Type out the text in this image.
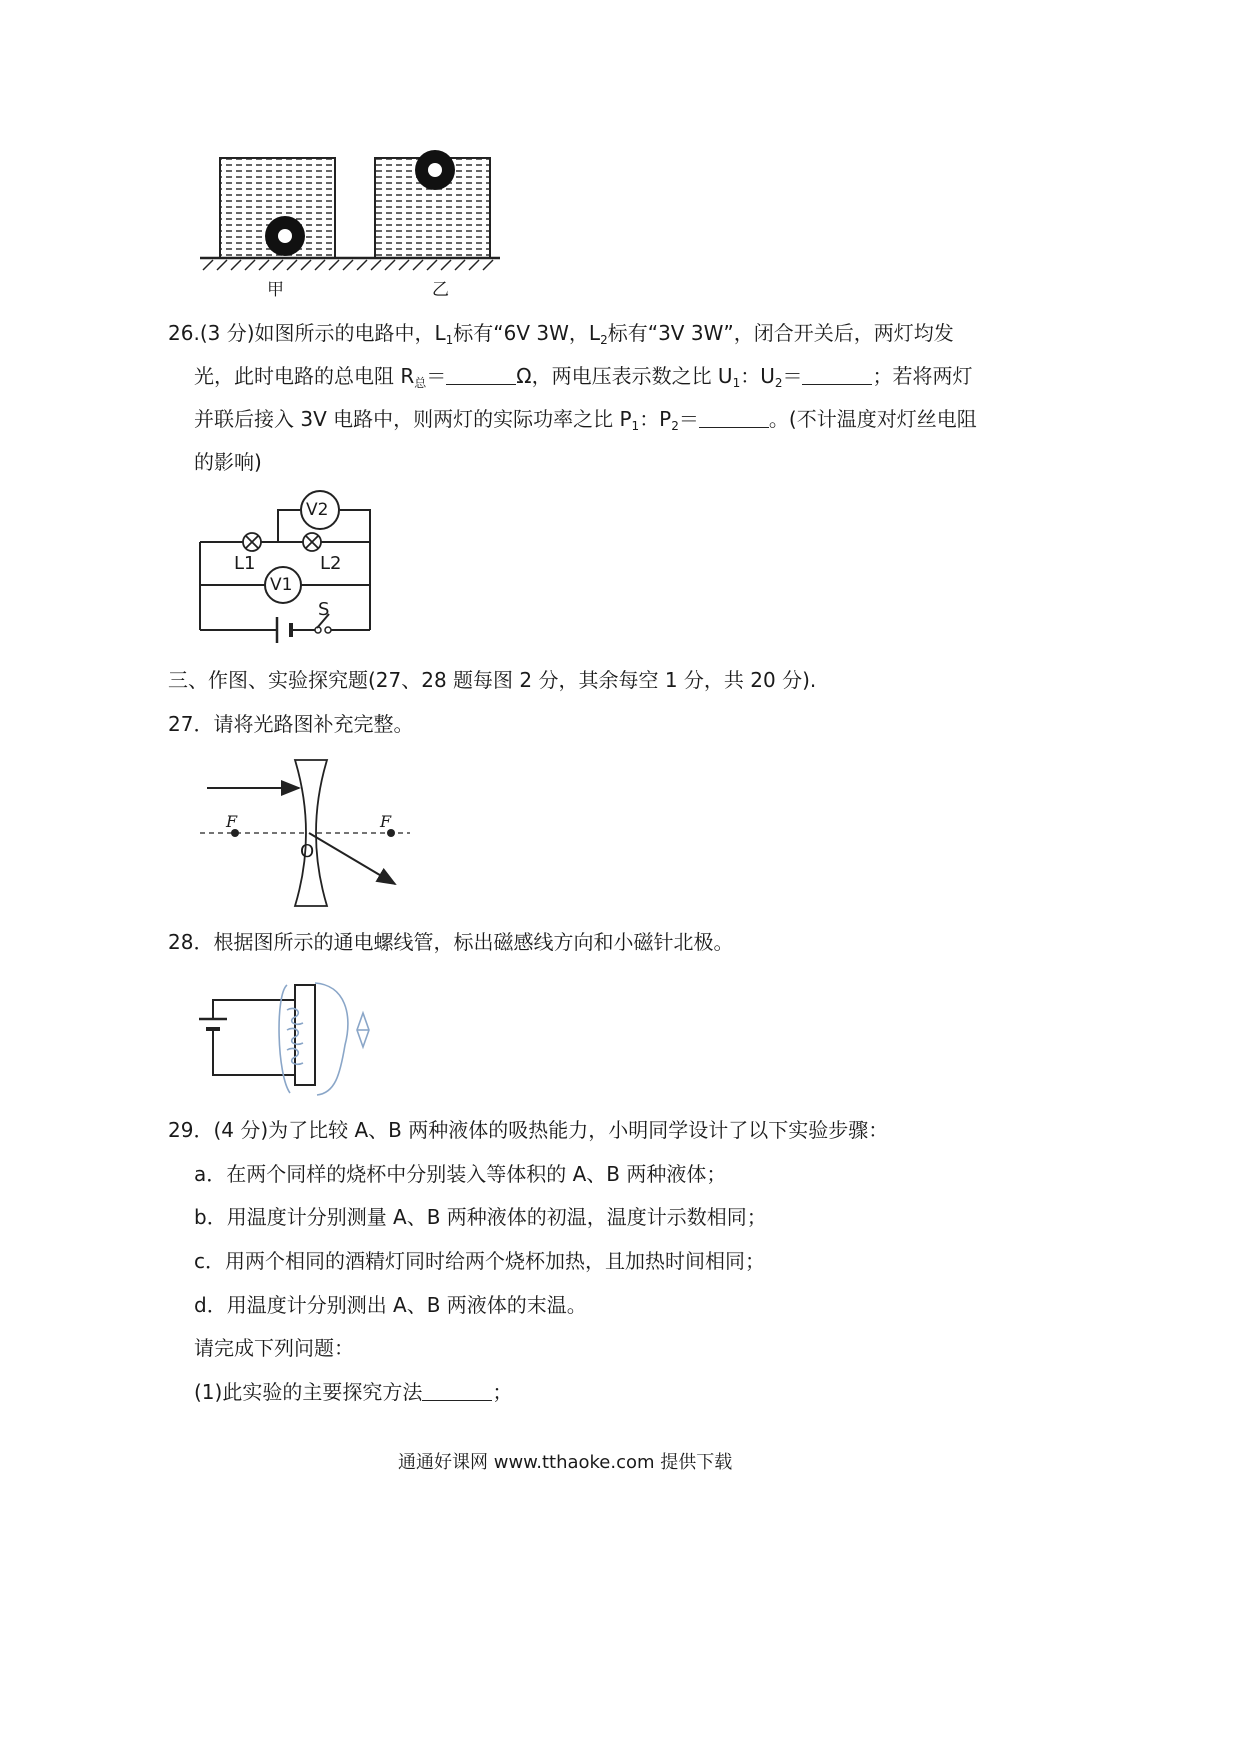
甲	乙
26.(3 分)如图所示的电路中，$L_1$标有“6V 3W，$L_2$标有“3V 3W”，闭合开关后，两灯均发
光，此时电路的总电阻 $R_总=$	Ω，两电压表示数之比 $U_1$：$U_2=$	；若将两灯
并联后接入 3V 电路中，则两灯的实际功率之比 $P_1$：$P_2=$	。(不计温度对灯丝电阻
的影响)
V2
V1
L1	L2
S
三、作图、实验探究题(27、28 题每图 2 分，其余每空 1 分，共 20 分).
27．请将光路图补充完整。
F	F
O
28．根据图所示的通电螺线管，标出磁感线方向和小磁针北极。
29．(4 分)为了比较 A、B 两种液体的吸热能力，小明同学设计了以下实验步骤：
a．在两个同样的烧杯中分别装入等体积的 A、B 两种液体；
b．用温度计分别测量 A、B 两种液体的初温，温度计示数相同；
c．用两个相同的酒精灯同时给两个烧杯加热，且加热时间相同；
d．用温度计分别测出 A、B 两液体的末温。
请完成下列问题：
(1)此实验的主要探究方法	；
通通好课网 www.tthaoke.com 提供下载
